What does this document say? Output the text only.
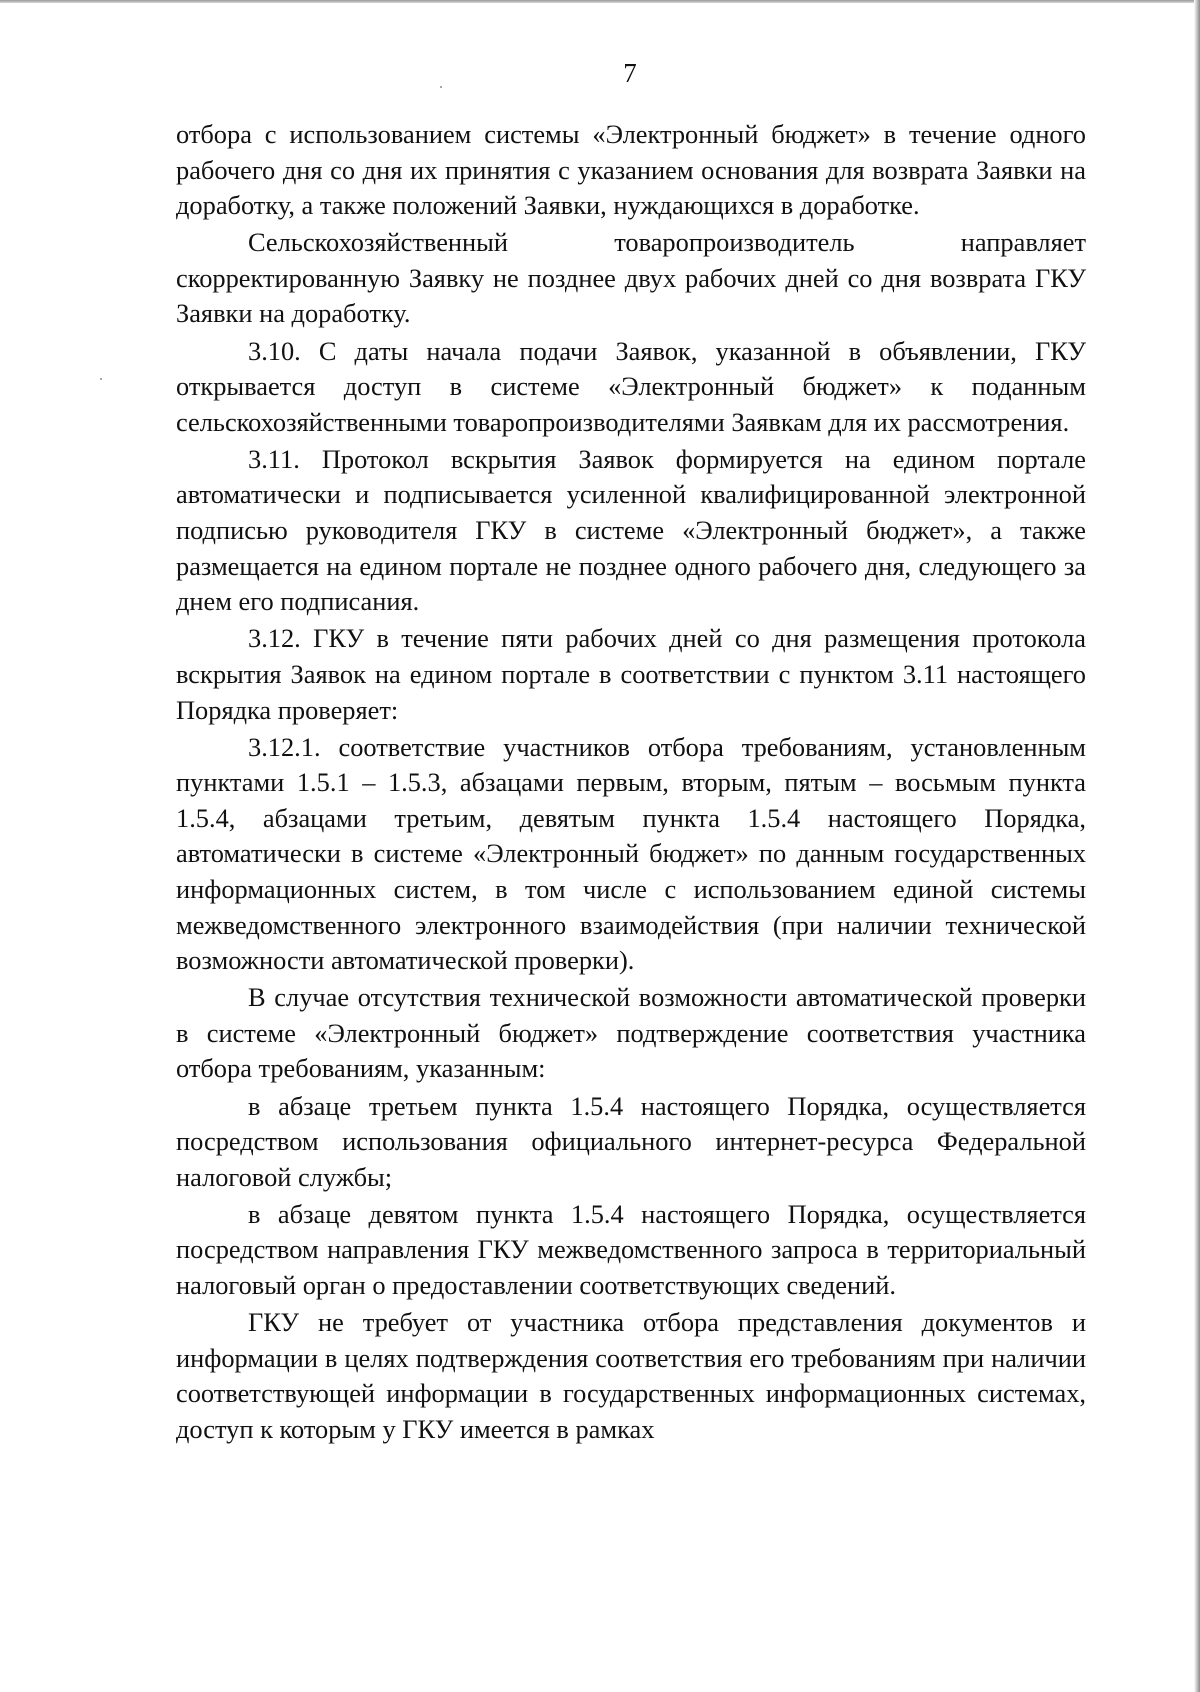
7

отбора с использованием системы «Электронный бюджет» в течение одного рабочего дня со дня их принятия с указанием основания для возврата Заявки на доработку, а также положений Заявки, нуждающихся в доработке.

Сельскохозяйственный товаропроизводитель направляет скорректированную Заявку не позднее двух рабочих дней со дня возврата ГКУ Заявки на доработку.

3.10. С даты начала подачи Заявок, указанной в объявлении, ГКУ открывается доступ в системе «Электронный бюджет» к поданным сельскохозяйственными товаропроизводителями Заявкам для их рассмотрения.

3.11. Протокол вскрытия Заявок формируется на едином портале автоматически и подписывается усиленной квалифицированной электронной подписью руководителя ГКУ в системе «Электронный бюджет», а также размещается на едином портале не позднее одного рабочего дня, следующего за днем его подписания.

3.12. ГКУ в течение пяти рабочих дней со дня размещения протокола вскрытия Заявок на едином портале в соответствии с пунктом 3.11 настоящего Порядка проверяет:

3.12.1. соответствие участников отбора требованиям, установленным пунктами 1.5.1 – 1.5.3, абзацами первым, вторым, пятым – восьмым пункта 1.5.4, абзацами третьим, девятым пункта 1.5.4 настоящего Порядка, автоматически в системе «Электронный бюджет» по данным государственных информационных систем, в том числе с использованием единой системы межведомственного электронного взаимодействия (при наличии технической возможности автоматической проверки).

В случае отсутствия технической возможности автоматической проверки в системе «Электронный бюджет» подтверждение соответствия участника отбора требованиям, указанным:

в абзаце третьем пункта 1.5.4 настоящего Порядка, осуществляется посредством использования официального интернет-ресурса Федеральной налоговой службы;

в абзаце девятом пункта 1.5.4 настоящего Порядка, осуществляется посредством направления ГКУ межведомственного запроса в территориальный налоговый орган о предоставлении соответствующих сведений.

ГКУ не требует от участника отбора представления документов и информации в целях подтверждения соответствия его требованиям при наличии соответствующей информации в государственных информационных системах, доступ к которым у ГКУ имеется в рамках
